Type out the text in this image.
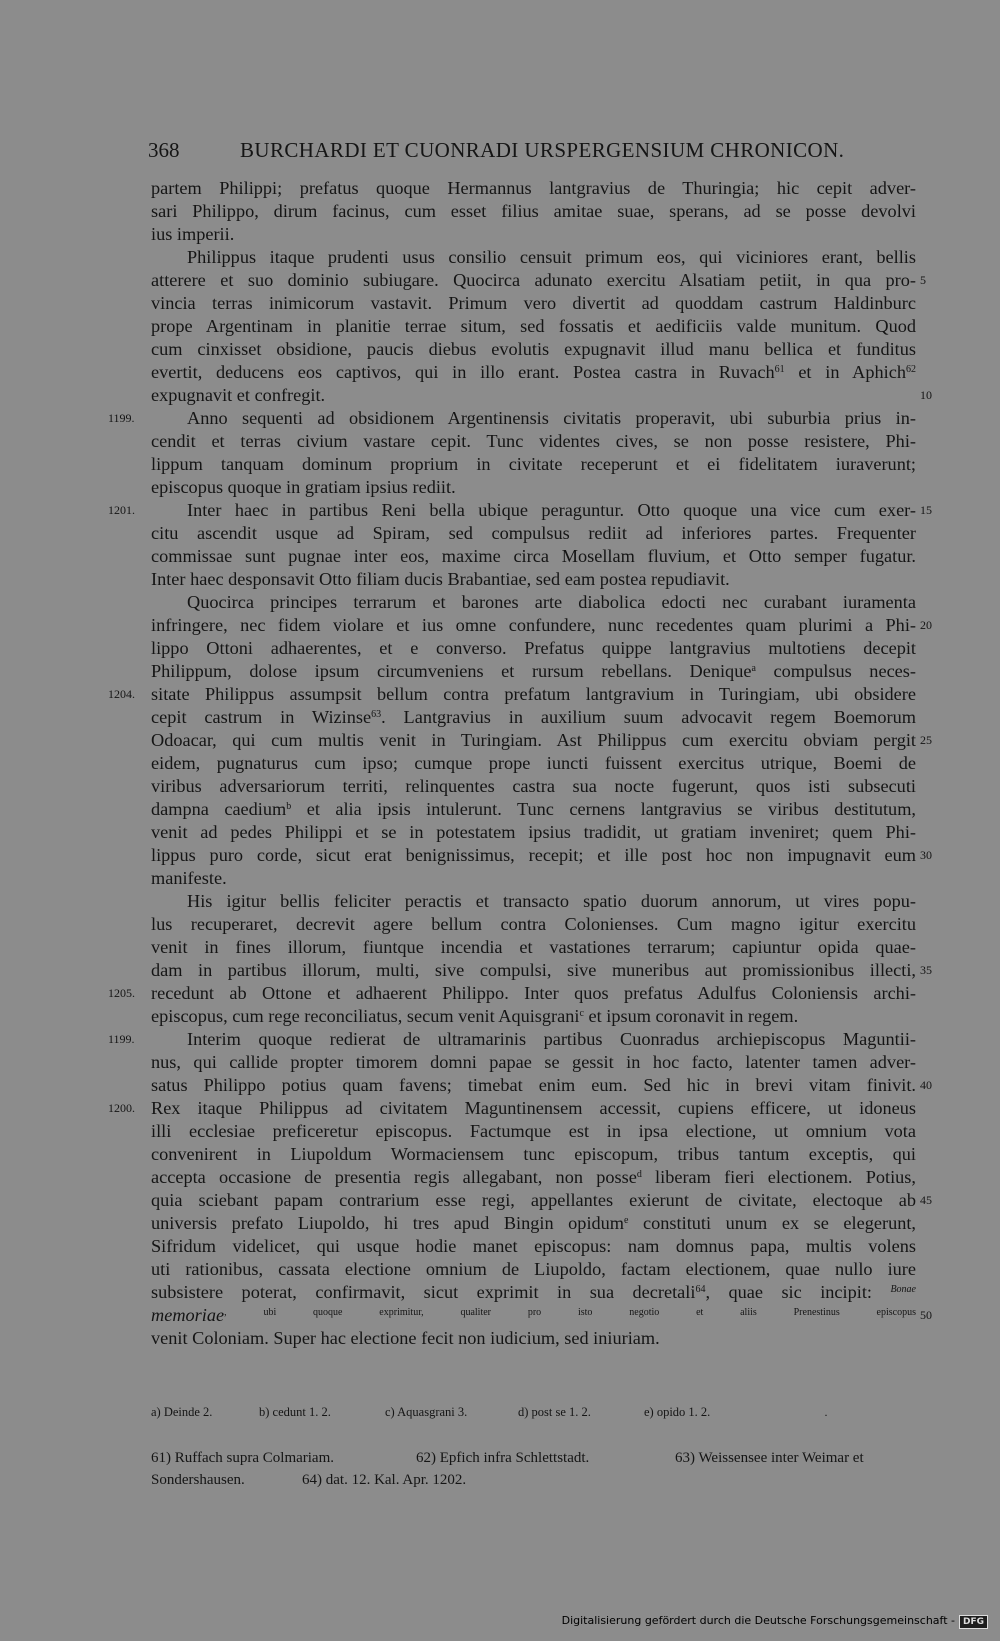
368	BURCHARDI ET CUONRADI URSPERGENSIUM CHRONICON.
partem Philippi; prefatus quoque Hermannus lantgravius de Thuringia; hic cepit adver-
sari Philippo, dirum facinus, cum esset filius amitae suae, sperans, ad se posse devolvi
ius imperii.
Philippus itaque prudenti usus consilio censuit primum eos, qui viciniores erant, bellis
atterere et suo dominio subiugare. Quocirca adunato exercitu Alsatiam petiit, in qua pro-
vincia terras inimicorum vastavit. Primum vero divertit ad quoddam castrum Haldinburc
prope Argentinam in planitie terrae situm, sed fossatis et aedificiis valde munitum. Quod
cum cinxisset obsidione, paucis diebus evolutis expugnavit illud manu bellica et funditus
evertit, deducens eos captivos, qui in illo erant. Postea castra in Ruvach$^{61}$ et in Aphich$^{62}$
expugnavit et confregit.
Anno sequenti ad obsidionem Argentinensis civitatis properavit, ubi suburbia prius in-
cendit et terras civium vastare cepit. Tunc videntes cives, se non posse resistere, Phi-
lippum tanquam dominum proprium in civitate receperunt et ei fidelitatem iuraverunt;
episcopus quoque in gratiam ipsius rediit.
Inter haec in partibus Reni bella ubique peraguntur. Otto quoque una vice cum exer-
citu ascendit usque ad Spiram, sed compulsus rediit ad inferiores partes. Frequenter
commissae sunt pugnae inter eos, maxime circa Mosellam fluvium, et Otto semper fugatur.
Inter haec desponsavit Otto filiam ducis Brabantiae, sed eam postea repudiavit.
Quocirca principes terrarum et barones arte diabolica edocti nec curabant iuramenta
infringere, nec fidem violare et ius omne confundere, nunc recedentes quam plurimi a Phi-
lippo Ottoni adhaerentes, et e converso. Prefatus quippe lantgravius multotiens decepit
Philippum, dolose ipsum circumveniens et rursum rebellans. Denique$^a$ compulsus neces-
sitate Philippus assumpsit bellum contra prefatum lantgravium in Turingiam, ubi obsidere
cepit castrum in Wizinse$^{63}$. Lantgravius in auxilium suum advocavit regem Boemorum
Odoacar, qui cum multis venit in Turingiam. Ast Philippus cum exercitu obviam pergit
eidem, pugnaturus cum ipso; cumque prope iuncti fuissent exercitus utrique, Boemi de
viribus adversariorum territi, relinquentes castra sua nocte fugerunt, quos isti subsecuti
dampna caedium$^b$ et alia ipsis intulerunt. Tunc cernens lantgravius se viribus destitutum,
venit ad pedes Philippi et se in potestatem ipsius tradidit, ut gratiam inveniret; quem Phi-
lippus puro corde, sicut erat benignissimus, recepit; et ille post hoc non impugnavit eum
manifeste.
His igitur bellis feliciter peractis et transacto spatio duorum annorum, ut vires popu-
lus recuperaret, decrevit agere bellum contra Colonienses. Cum magno igitur exercitu
venit in fines illorum, fiuntque incendia et vastationes terrarum; capiuntur opida quae-
dam in partibus illorum, multi, sive compulsi, sive muneribus aut promissionibus illecti,
recedunt ab Ottone et adhaerent Philippo. Inter quos prefatus Adulfus Coloniensis archi-
episcopus, cum rege reconciliatus, secum venit Aquisgrani$^c$ et ipsum coronavit in regem.
Interim quoque redierat de ultramarinis partibus Cuonradus archiepiscopus Maguntii-
nus, qui callide propter timorem domni papae se gessit in hoc facto, latenter tamen adver-
satus Philippo potius quam favens; timebat enim eum. Sed hic in brevi vitam finivit.
Rex itaque Philippus ad civitatem Maguntinensem accessit, cupiens efficere, ut idoneus
illi ecclesiae preficeretur episcopus. Factumque est in ipsa electione, ut omnium vota
convenirent in Liupoldum Wormaciensem tunc episcopum, tribus tantum exceptis, qui
accepta occasione de presentia regis allegabant, non posse$^d$ liberam fieri electionem. Potius,
quia sciebant papam contrarium esse regi, appellantes exierunt de civitate, electoque ab
universis prefato Liupoldo, hi tres apud Bingin opidum$^e$ constituti unum ex se elegerunt,
Sifridum videlicet, qui usque hodie manet episcopus: nam domnus papa, multis volens
uti rationibus, cassata electione omnium de Liupoldo, factam electionem, quae nullo iure
subsistere poterat, confirmavit, sicut exprimit in sua decretali$^{64}$, quae sic incipit: $^{Bonae}$
memoriae$^{, ubi quoque exprimitur, qualiter pro isto negotio et aliis Prenestinus episcopus}$
venit Coloniam. Super hac electione fecit non iudicium, sed iniuriam.
5
10
15
20
25
30
35
40
45
50
1199.
1201.
1204.
1205.
1199.
1200.
a) Deinde 2.	b) cedunt 1. 2.	c) Aquasgrani 3.	d) post se 1. 2.	e) opido 1. 2.	·
61) Ruffach supra Colmariam.	62) Epfich infra Schlettstadt.	63) Weissensee inter Weimar et
Sondershausen.	64) dat. 12. Kal. Apr. 1202.
Digitalisierung gefördert durch die Deutsche Forschungsgemeinschaft - DFG
